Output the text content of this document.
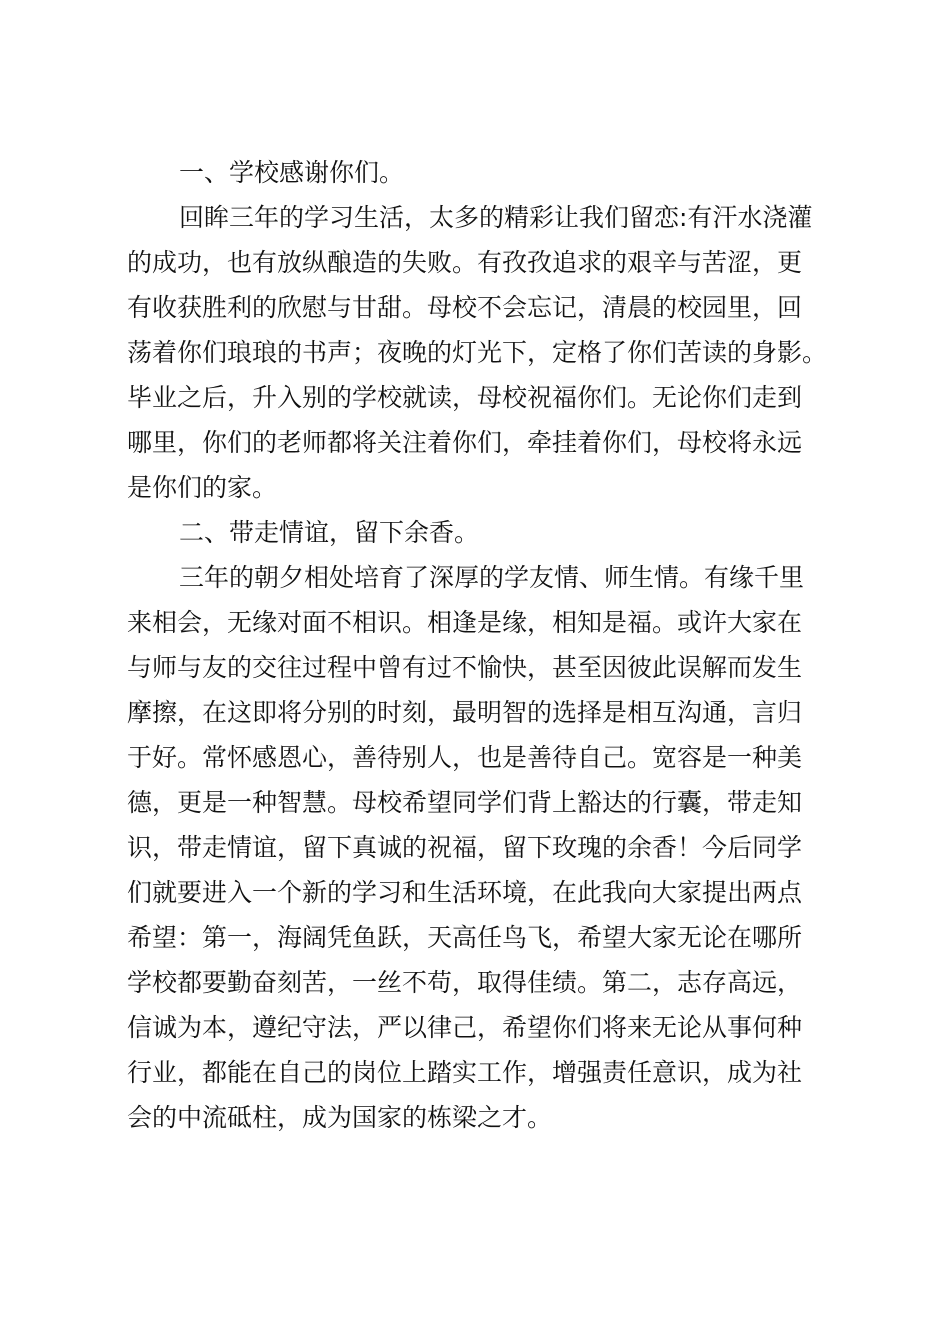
一、学校感谢你们。
回眸三年的学习生活，太多的精彩让我们留恋:有汗水浇灌
的成功，也有放纵酿造的失败。有孜孜追求的艰辛与苦涩，更
有收获胜利的欣慰与甘甜。母校不会忘记，清晨的校园里，回
荡着你们琅琅的书声；夜晚的灯光下，定格了你们苦读的身影。
毕业之后，升入别的学校就读，母校祝福你们。无论你们走到
哪里，你们的老师都将关注着你们，牵挂着你们，母校将永远
是你们的家。
二、带走情谊，留下余香。
三年的朝夕相处培育了深厚的学友情、师生情。有缘千里
来相会，无缘对面不相识。相逢是缘，相知是福。或许大家在
与师与友的交往过程中曾有过不愉快，甚至因彼此误解而发生
摩擦，在这即将分别的时刻，最明智的选择是相互沟通，言归
于好。常怀感恩心，善待别人，也是善待自己。宽容是一种美
德，更是一种智慧。母校希望同学们背上豁达的行囊，带走知
识，带走情谊，留下真诚的祝福，留下玫瑰的余香！今后同学
们就要进入一个新的学习和生活环境，在此我向大家提出两点
希望：第一，海阔凭鱼跃，天高任鸟飞，希望大家无论在哪所
学校都要勤奋刻苦，一丝不苟，取得佳绩。第二，志存高远，
信诚为本，遵纪守法，严以律己，希望你们将来无论从事何种
行业，都能在自己的岗位上踏实工作，增强责任意识，成为社
会的中流砥柱，成为国家的栋梁之才。
